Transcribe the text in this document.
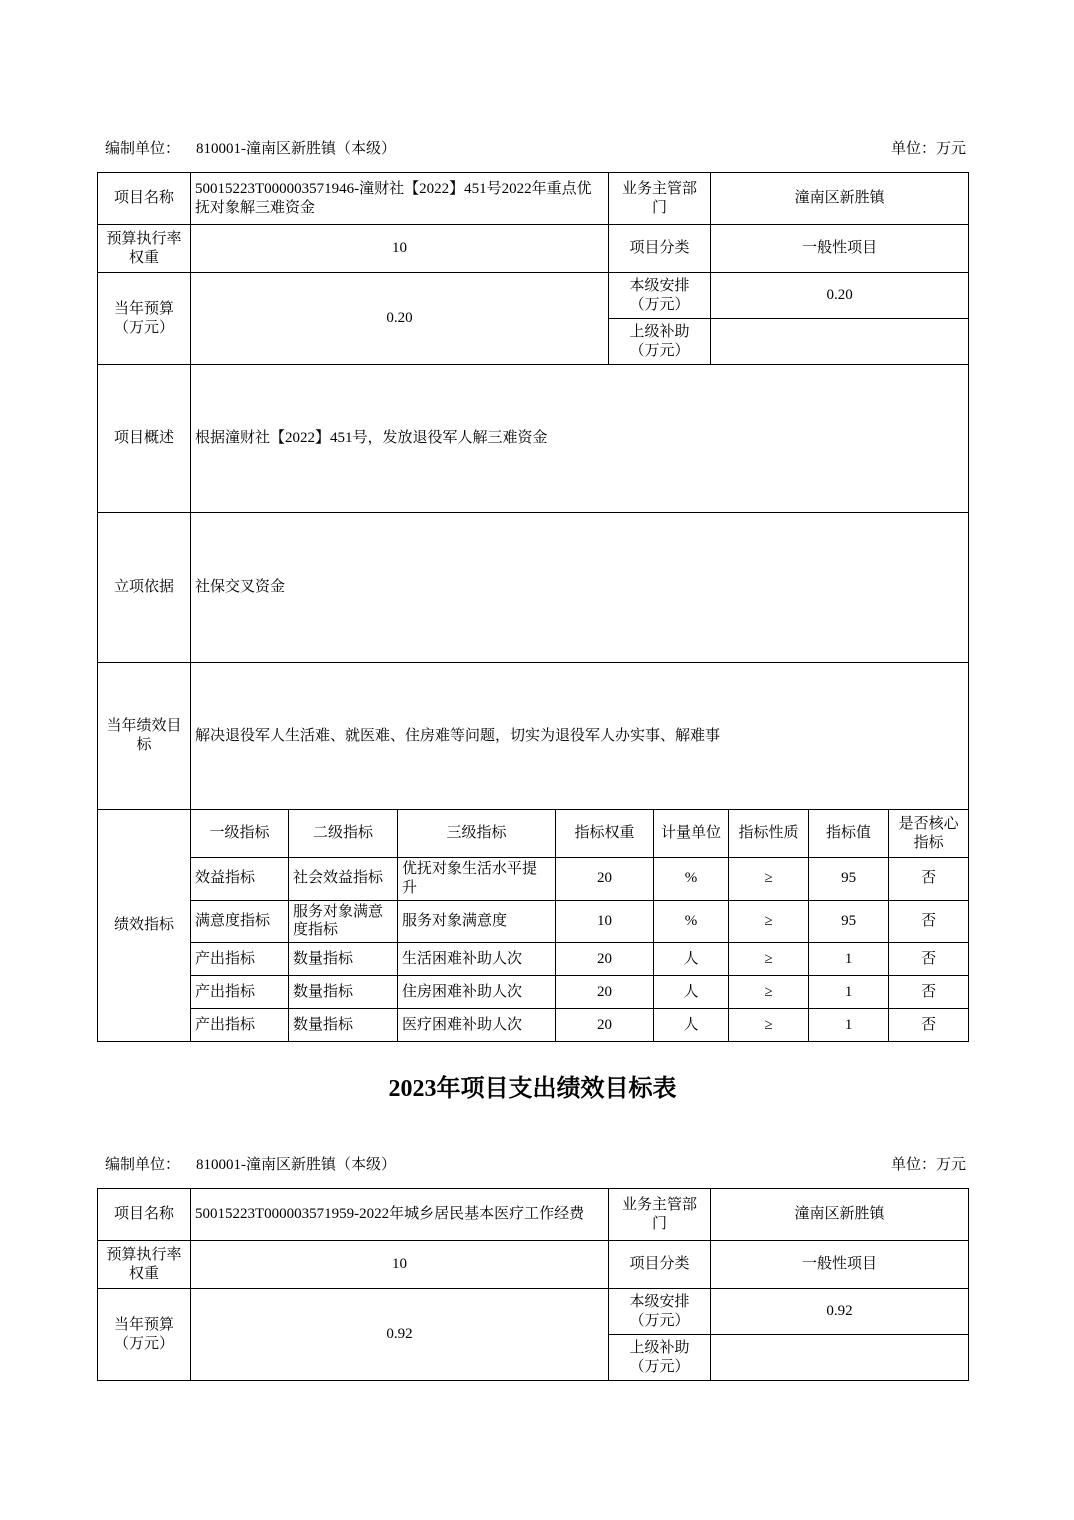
编制单位： 810001-潼南区新胜镇（本级）	单位：万元
项目名称	50015223T000003571946-潼财社【2022】451号2022年重点优抚对象解三难资金				业务主管部门		潼南区新胜镇			
预算执行率权重	10				项目分类		一般性项目			
当年预算（万元）	0.20				本级安排（万元）		0.20			
					上级补助（万元）					
项目概述	根据潼财社【2022】451号，发放退役军人解三难资金									
立项依据	社保交叉资金									
当年绩效目标	解决退役军人生活难、就医难、住房难等问题，切实为退役军人办实事、解难事									
绩效指标	一级指标	二级指标	三级指标	指标权重		计量单位		指标性质	指标值	是否核心指标
	效益指标	社会效益指标	优抚对象生活水平提升	20		%		≥	95	否
	满意度指标	服务对象满意度指标	服务对象满意度	10		%		≥	95	否
	产出指标	数量指标	生活困难补助人次	20		人		≥	1	否
	产出指标	数量指标	住房困难补助人次	20		人		≥	1	否
	产出指标	数量指标	医疗困难补助人次	20		人		≥	1	否
2023年项目支出绩效目标表
编制单位： 810001-潼南区新胜镇（本级）	单位：万元
项目名称	50015223T000003571959-2022年城乡居民基本医疗工作经费	业务主管部门	潼南区新胜镇
预算执行率权重	10	项目分类	一般性项目
当年预算（万元）	0.92	本级安排（万元）	0.92
		上级补助（万元）	
